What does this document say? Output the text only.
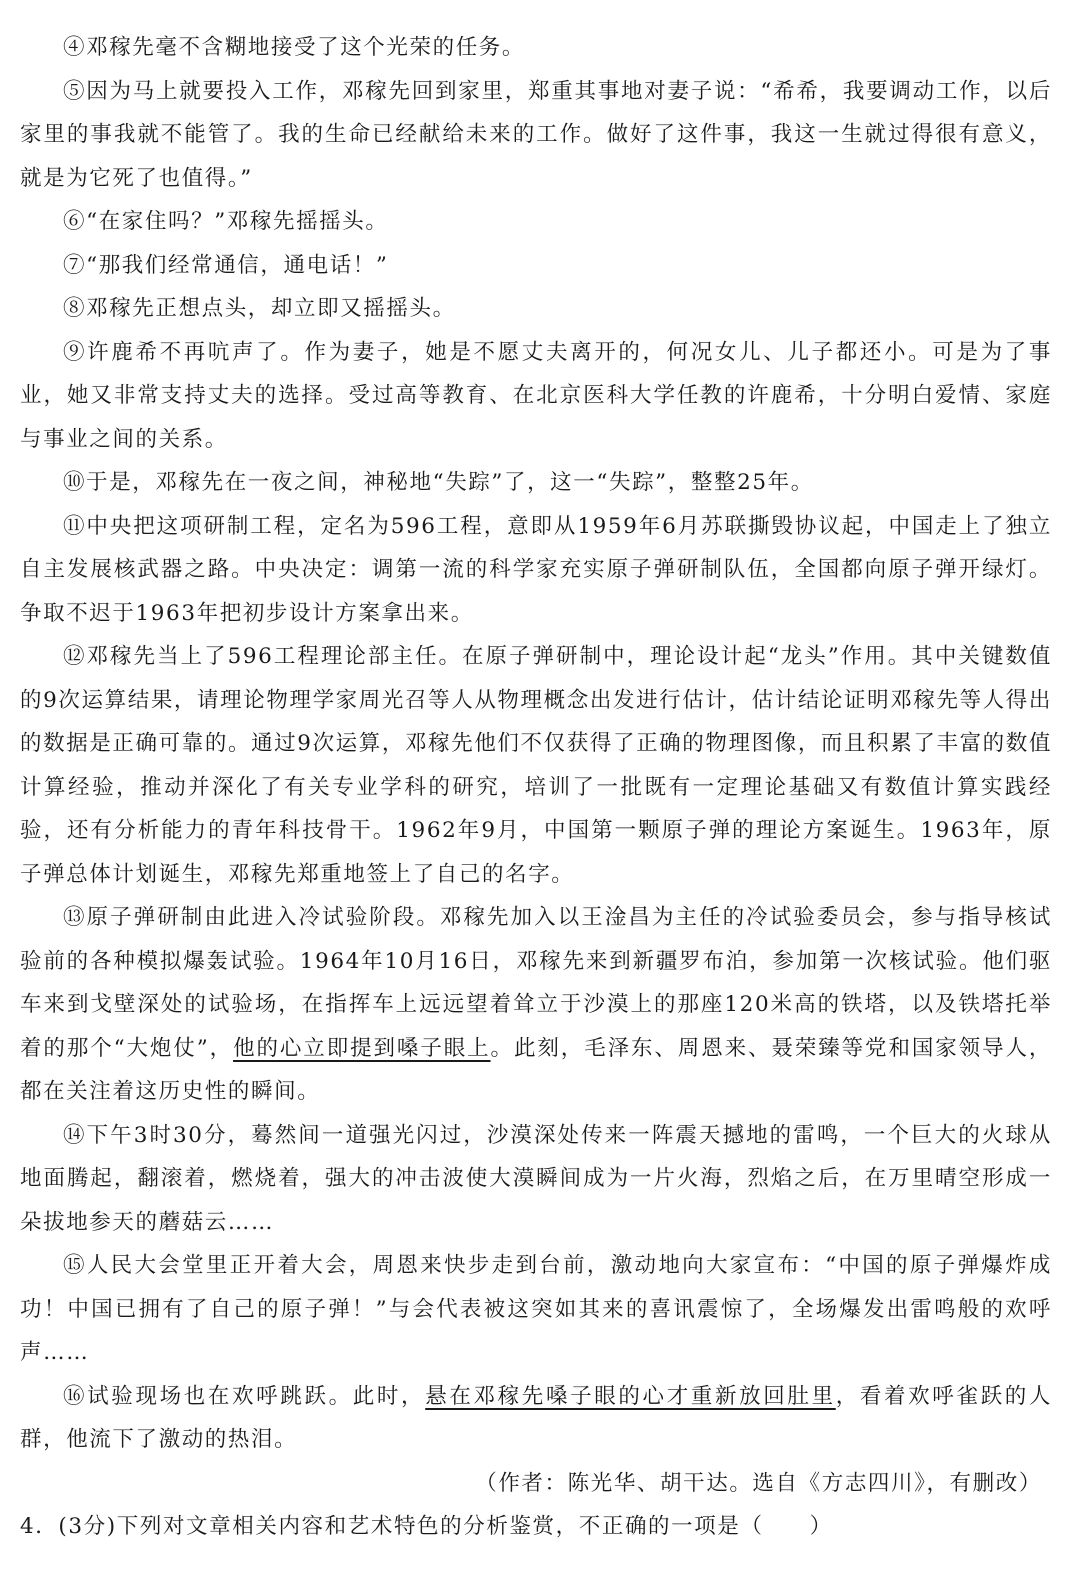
④邓稼先毫不含糊地接受了这个光荣的任务。

⑤因为马上就要投入工作，邓稼先回到家里，郑重其事地对妻子说：“希希，我要调动工作，以后家里的事我就不能管了。我的生命已经献给未来的工作。做好了这件事，我这一生就过得很有意义，就是为它死了也值得。”

⑥“在家住吗？”邓稼先摇摇头。

⑦“那我们经常通信，通电话！”

⑧邓稼先正想点头，却立即又摇摇头。

⑨许鹿希不再吭声了。作为妻子，她是不愿丈夫离开的，何况女儿、儿子都还小。可是为了事业，她又非常支持丈夫的选择。受过高等教育、在北京医科大学任教的许鹿希，十分明白爱情、家庭与事业之间的关系。

⑩于是，邓稼先在一夜之间，神秘地“失踪”了，这一“失踪”，整整25年。

⑪中央把这项研制工程，定名为596工程，意即从1959年6月苏联撕毁协议起，中国走上了独立自主发展核武器之路。中央决定：调第一流的科学家充实原子弹研制队伍，全国都向原子弹开绿灯。争取不迟于1963年把初步设计方案拿出来。

⑫邓稼先当上了596工程理论部主任。在原子弹研制中，理论设计起“龙头”作用。其中关键数值的9次运算结果，请理论物理学家周光召等人从物理概念出发进行估计，估计结论证明邓稼先等人得出的数据是正确可靠的。通过9次运算，邓稼先他们不仅获得了正确的物理图像，而且积累了丰富的数值计算经验，推动并深化了有关专业学科的研究，培训了一批既有一定理论基础又有数值计算实践经验，还有分析能力的青年科技骨干。1962年9月，中国第一颗原子弹的理论方案诞生。1963年，原子弹总体计划诞生，邓稼先郑重地签上了自己的名字。

⑬原子弹研制由此进入冷试验阶段。邓稼先加入以王淦昌为主任的冷试验委员会，参与指导核试验前的各种模拟爆轰试验。1964年10月16日，邓稼先来到新疆罗布泊，参加第一次核试验。他们驱车来到戈壁深处的试验场，在指挥车上远远望着耸立于沙漠上的那座120米高的铁塔，以及铁塔托举着的那个“大炮仗”，他的心立即提到嗓子眼上。此刻，毛泽东、周恩来、聂荣臻等党和国家领导人，都在关注着这历史性的瞬间。

⑭下午3时30分，蓦然间一道强光闪过，沙漠深处传来一阵震天撼地的雷鸣，一个巨大的火球从地面腾起，翻滚着，燃烧着，强大的冲击波使大漠瞬间成为一片火海，烈焰之后，在万里晴空形成一朵拔地参天的蘑菇云……

⑮人民大会堂里正开着大会，周恩来快步走到台前，激动地向大家宣布：“中国的原子弹爆炸成功！中国已拥有了自己的原子弹！”与会代表被这突如其来的喜讯震惊了，全场爆发出雷鸣般的欢呼声……

⑯试验现场也在欢呼跳跃。此时，悬在邓稼先嗓子眼的心才重新放回肚里，看着欢呼雀跃的人群，他流下了激动的热泪。

（作者：陈光华、胡干达。选自《方志四川》，有删改）

4．(3分)下列对文章相关内容和艺术特色的分析鉴赏，不正确的一项是（ ）
